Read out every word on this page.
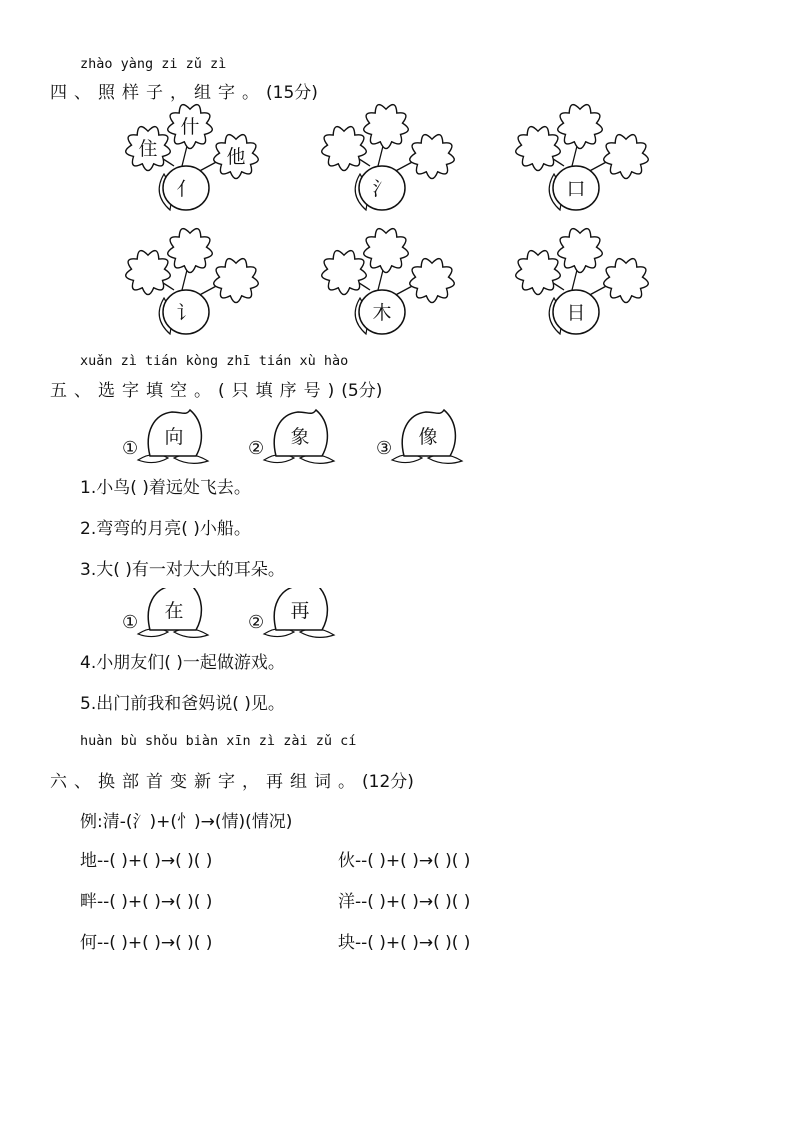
zhào yàng zi zǔ zì
四、照样子，组字。(15分)
亻
住
什
他
氵	口
讠	木	日
xuǎn zì tián kòng zhī tián xù hào
五、选字填空。(只填序号)(5分)
①
向
②
象
③
像
1.小鸟( )着远处飞去。
2.弯弯的月亮( )小船。
3.大( )有一对大大的耳朵。
①
在
②
再
4.小朋友们( )一起做游戏。
5.出门前我和爸妈说( )见。
huàn bù shǒu biàn xīn zì zài zǔ cí
六、换部首变新字，再组词。(12分)
例:清-(氵)+(忄)→(情)(情况)
地--( )+( )→( )( )	伙--( )+( )→( )( )
畔--( )+( )→( )( )	洋--( )+( )→( )( )
何--( )+( )→( )( )	块--( )+( )→( )( )
